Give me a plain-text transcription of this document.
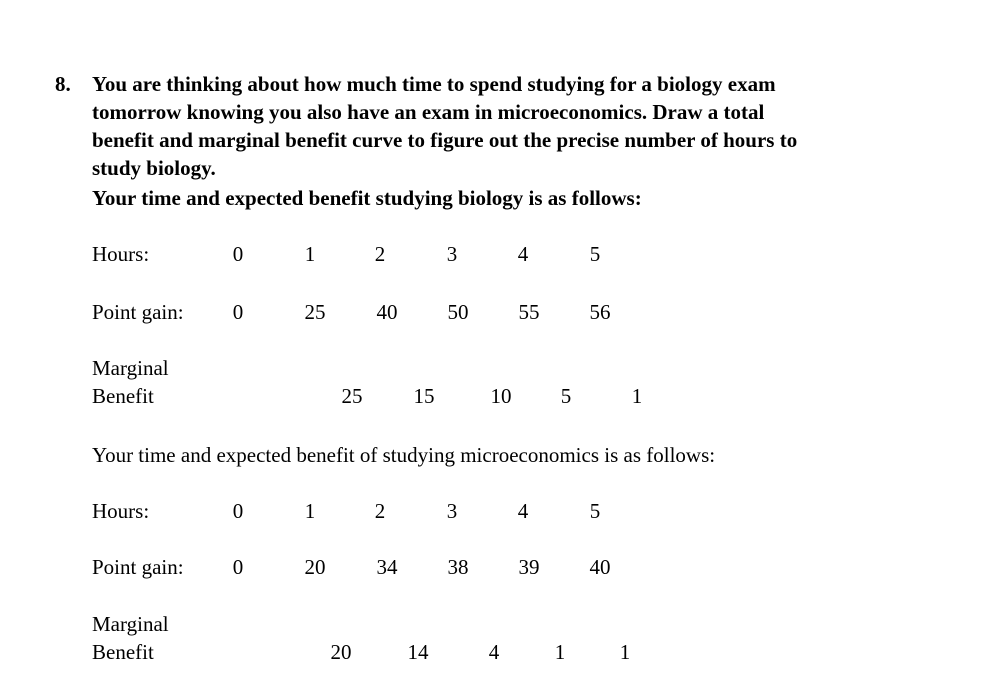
8. You are thinking about how much time to spend studying for a biology exam
tomorrow knowing you also have an exam in microeconomics. Draw a total
benefit and marginal benefit curve to figure out the precise number of hours to
study biology.
Your time and expected benefit studying biology is as follows:
Hours:	0	1	2	3	4	5
Point gain: 0	25 40 50 55 56
Marginal
Benefit	25 15	10 5	1
Your time and expected benefit of studying microeconomics is as follows:
Hours:	0	1	2	3	4	5
Point gain: 0	20 34 38 39 40
Marginal
Benefit	20	14	4	1	1
